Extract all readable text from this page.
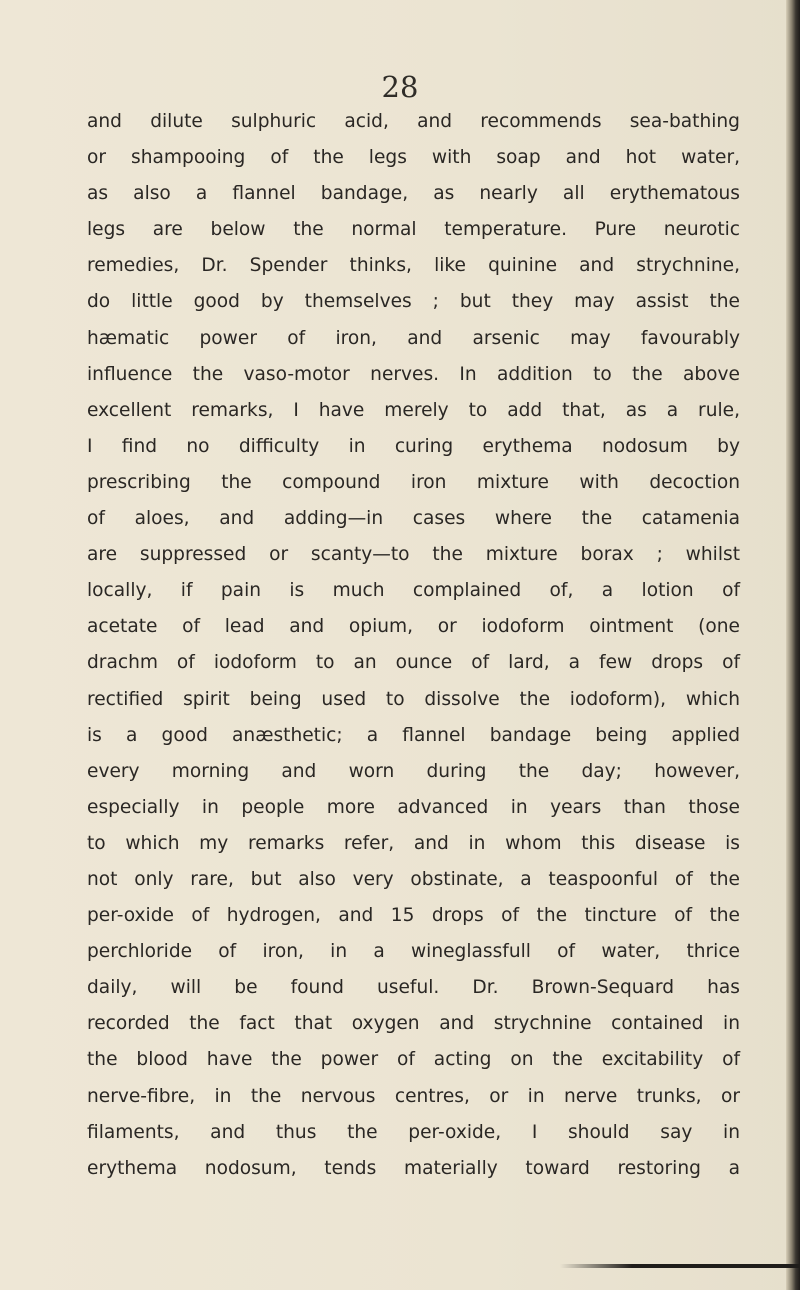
28
and dilute sulphuric acid, and recommends sea-bathing
or shampooing of the legs with soap and hot water,
as also a flannel bandage, as nearly all erythematous
legs are below the normal temperature. Pure neurotic
remedies, Dr. Spender thinks, like quinine and strychnine,
do little good by themselves ; but they may assist the
hæmatic power of iron, and arsenic may favourably
influence the vaso-motor nerves. In addition to the above
excellent remarks, I have merely to add that, as a rule,
I find no difficulty in curing erythema nodosum by
prescribing the compound iron mixture with decoction
of aloes, and adding—in cases where the catamenia
are suppressed or scanty—to the mixture borax ; whilst
locally, if pain is much complained of, a lotion of
acetate of lead and opium, or iodoform ointment (one
drachm of iodoform to an ounce of lard, a few drops of
rectified spirit being used to dissolve the iodoform), which
is a good anæsthetic; a flannel bandage being applied
every morning and worn during the day; however,
especially in people more advanced in years than those
to which my remarks refer, and in whom this disease is
not only rare, but also very obstinate, a teaspoonful of the
per-oxide of hydrogen, and 15 drops of the tincture of the
perchloride of iron, in a wineglassfull of water, thrice
daily, will be found useful. Dr. Brown-Sequard has
recorded the fact that oxygen and strychnine contained in
the blood have the power of acting on the excitability of
nerve-fibre, in the nervous centres, or in nerve trunks, or
filaments, and thus the per-oxide, I should say in
erythema nodosum, tends materially toward restoring a
